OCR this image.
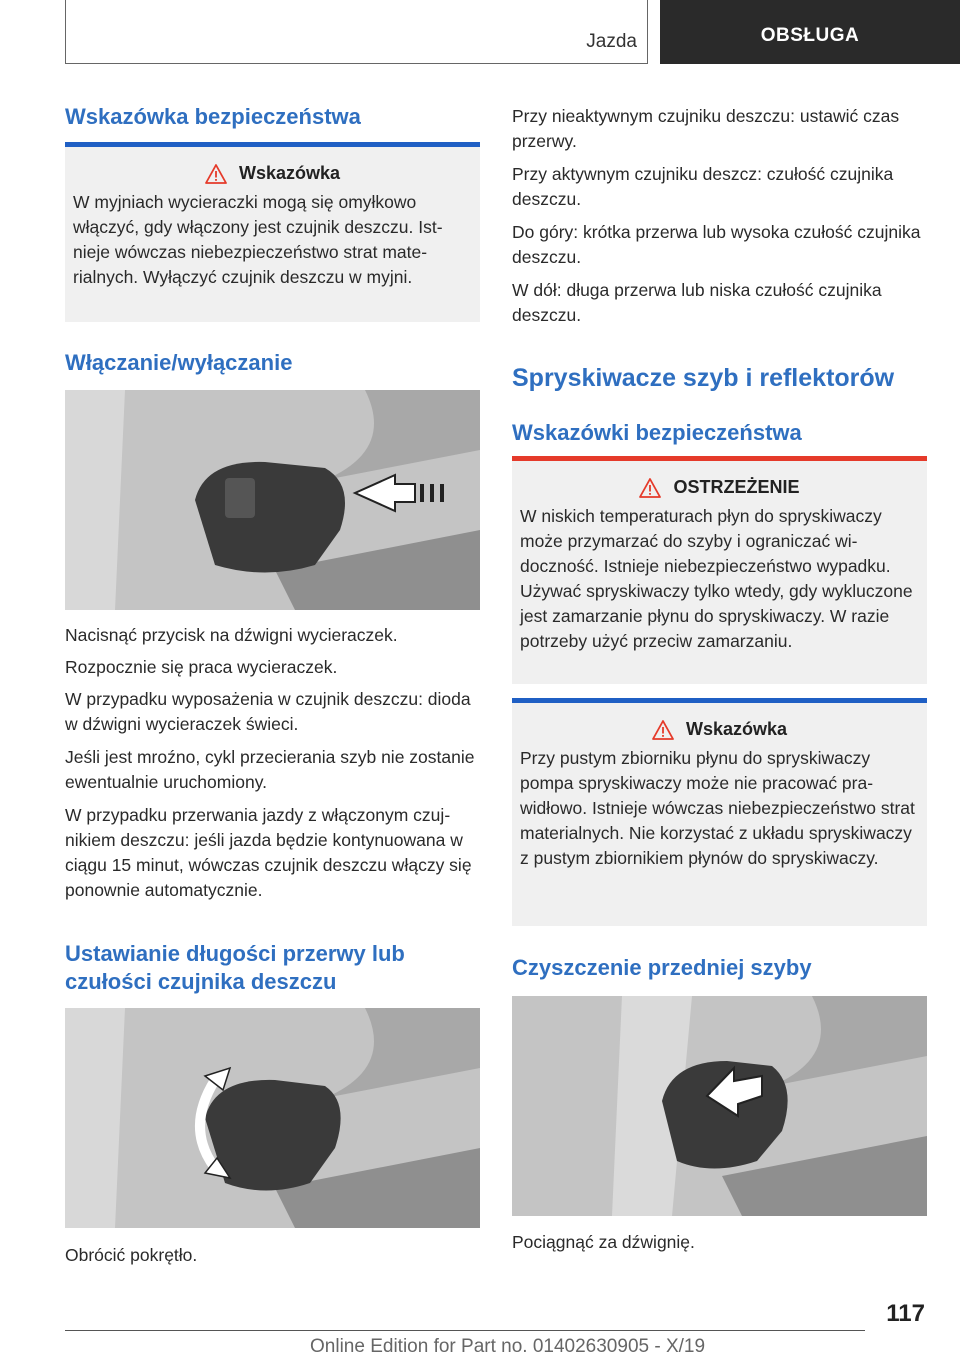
Jazda	OBSŁUGA
Wskazówka bezpieczeństwa
Wskazówka
W myjniach wycieraczki mogą się omyłkowo włączyć, gdy włączony jest czujnik deszczu. Istnieje wówczas niebezpieczeństwo strat materialnych. Wyłączyć czujnik deszczu w myjni.
Włączanie/wyłączanie

Nacisnąć przycisk na dźwigni wycieraczek.

Rozpocznie się praca wycieraczek.

W przypadku wyposażenia w czujnik deszczu: dioda w dźwigni wycieraczek świeci.

Jeśli jest mroźno, cykl przecierania szyb nie zostanie ewentualnie uruchomiony.

W przypadku przerwania jazdy z włączonym czujnikiem deszczu: jeśli jazda będzie kontynuowana w ciągu 15 minut, wówczas czujnik deszczu włączy się ponownie automatycznie.

Ustawianie długości przerwy lub czułości czujnika deszczu

Obrócić pokrętło.

Przy nieaktywnym czujniku deszczu: ustawić czas przerwy.

Przy aktywnym czujniku deszcz: czułość czujnika deszczu.

Do góry: krótka przerwa lub wysoka czułość czujnika deszczu.

W dół: długa przerwa lub niska czułość czujnika deszczu.

Spryskiwacze szyb i reflektorów
Wskazówki bezpieczeństwa
OSTRZEŻENIE
W niskich temperaturach płyn do spryskiwaczy może przymarzać do szyby i ograniczać widoczność. Istnieje niebezpieczeństwo wypadku. Używać spryskiwaczy tylko wtedy, gdy wykluczone jest zamarzanie płynu do spryskiwaczy. W razie potrzeby użyć przeciw zamarzaniu.
Wskazówka
Przy pustym zbiorniku płynu do spryskiwaczy pompa spryskiwaczy może nie pracować prawidłowo. Istnieje wówczas niebezpieczeństwo strat materialnych. Nie korzystać z układu spryskiwaczy z pustym zbiornikiem płynów do spryskiwaczy.
Czyszczenie przedniej szyby

Pociągnąć za dźwignię.

117
Online Edition for Part no. 01402630905 - X/19
